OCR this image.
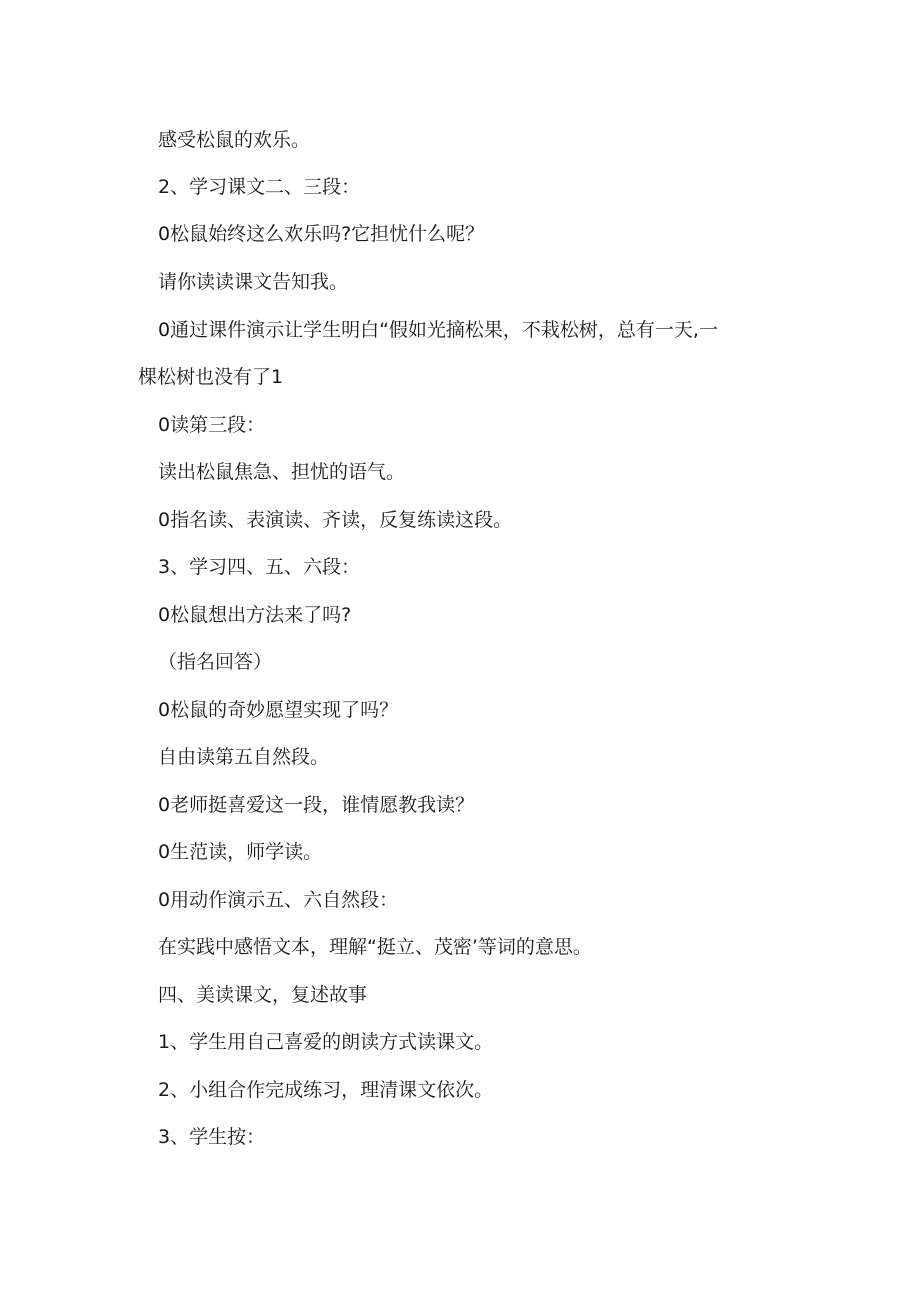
感受松鼠的欢乐。
2、学习课文二、三段：
0松鼠始终这么欢乐吗?它担忧什么呢？
请你读读课文告知我。
0通过课件演示让学生明白“假如光摘松果，不栽松树，总有一天,一
棵松树也没有了1
0读第三段：
读出松鼠焦急、担忧的语气。
0指名读、表演读、齐读，反复练读这段。
3、学习四、五、六段：
0松鼠想出方法来了吗?
（指名回答）
0松鼠的奇妙愿望实现了吗？
自由读第五自然段。
0老师挺喜爱这一段，谁情愿教我读？
0生范读，师学读。
0用动作演示五、六自然段：
在实践中感悟文本，理解“挺立、茂密’等词的意思。
四、美读课文，复述故事
1、学生用自己喜爱的朗读方式读课文。
2、小组合作完成练习，理清课文依次。
3、学生按：
